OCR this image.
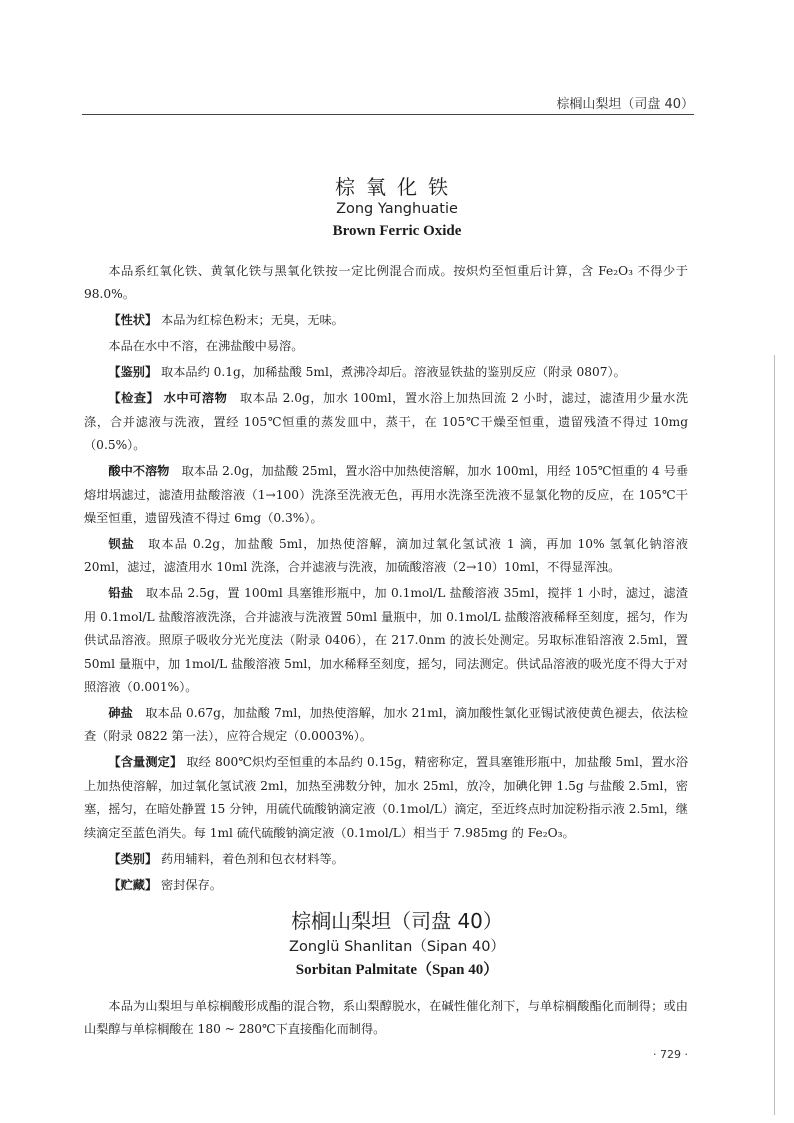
棕榈山梨坦（司盘 40）
棕氧化铁
Zong Yanghuatie
Brown Ferric Oxide

本品系红氧化铁、黄氧化铁与黑氧化铁按一定比例混合而成。按炽灼至恒重后计算，含 Fe₂O₃ 不得少于 98.0%。

【性状】 本品为红棕色粉末；无臭，无味。

本品在水中不溶，在沸盐酸中易溶。

【鉴别】 取本品约 0.1g，加稀盐酸 5ml，煮沸冷却后。溶液显铁盐的鉴别反应（附录 0807）。

【检查】 水中可溶物　 取本品 2.0g，加水 100ml，置水浴上加热回流 2 小时，滤过，滤渣用少量水洗涤，合并滤液与洗液，置经 105℃恒重的蒸发皿中，蒸干，在 105℃干燥至恒重，遗留残渣不得过 10mg（0.5%）。

酸中不溶物　 取本品 2.0g，加盐酸 25ml，置水浴中加热使溶解，加水 100ml，用经 105℃恒重的 4 号垂熔坩埚滤过，滤渣用盐酸溶液（1→100）洗涤至洗液无色，再用水洗涤至洗液不显氯化物的反应，在 105℃干燥至恒重，遗留残渣不得过 6mg（0.3%）。

钡盐　 取本品 0.2g，加盐酸 5ml，加热使溶解，滴加过氧化氢试液 1 滴，再加 10% 氢氧化钠溶液 20ml，滤过，滤渣用水 10ml 洗涤，合并滤液与洗液，加硫酸溶液（2→10）10ml，不得显浑浊。

铅盐　 取本品 2.5g，置 100ml 具塞锥形瓶中，加 0.1mol/L 盐酸溶液 35ml，搅拌 1 小时，滤过，滤渣用 0.1mol/L 盐酸溶液洗涤，合并滤液与洗液置 50ml 量瓶中，加 0.1mol/L 盐酸溶液稀释至刻度，摇匀，作为供试品溶液。照原子吸收分光光度法（附录 0406），在 217.0nm 的波长处测定。另取标准铅溶液 2.5ml，置 50ml 量瓶中，加 1mol/L 盐酸溶液 5ml，加水稀释至刻度，摇匀，同法测定。供试品溶液的吸光度不得大于对照溶液（0.001%）。

砷盐　 取本品 0.67g，加盐酸 7ml，加热使溶解，加水 21ml，滴加酸性氯化亚锡试液使黄色褪去，依法检查（附录 0822 第一法），应符合规定（0.0003%）。

【含量测定】 取经 800℃炽灼至恒重的本品约 0.15g，精密称定，置具塞锥形瓶中，加盐酸 5ml，置水浴上加热使溶解，加过氧化氢试液 2ml，加热至沸数分钟，加水 25ml，放冷，加碘化钾 1.5g 与盐酸 2.5ml，密塞，摇匀，在暗处静置 15 分钟，用硫代硫酸钠滴定液（0.1mol/L）滴定，至近终点时加淀粉指示液 2.5ml，继续滴定至蓝色消失。每 1ml 硫代硫酸钠滴定液（0.1mol/L）相当于 7.985mg 的 Fe₂O₃。

【类别】 药用辅料，着色剂和包衣材料等。

【贮藏】 密封保存。

棕榈山梨坦（司盘 40）
Zonglü Shanlitan（Sipan 40）
Sorbitan Palmitate（Span 40）

本品为山梨坦与单棕榈酸形成酯的混合物，系山梨醇脱水，在碱性催化剂下，与单棕榈酸酯化而制得；或由山梨醇与单棕榈酸在 180 ~ 280℃下直接酯化而制得。

· 729 ·
